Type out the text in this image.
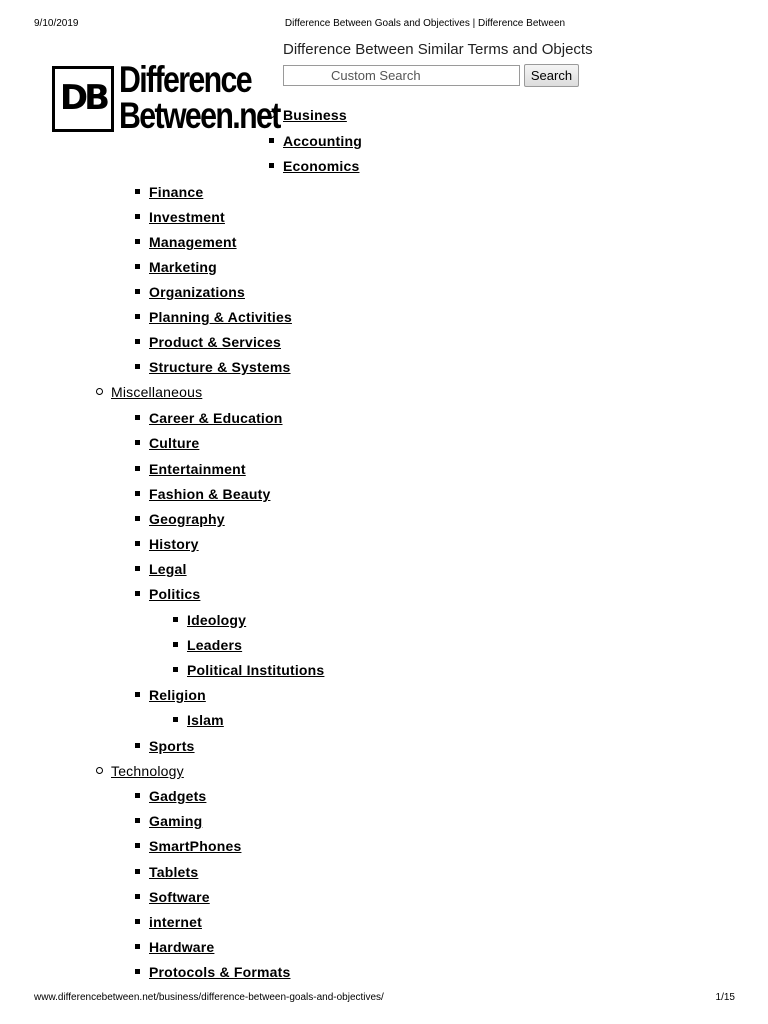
9/10/2019	Difference Between Goals and Objectives | Difference Between
DB Difference
Between.net
Difference Between Similar Terms and Objects
Custom Search
Search
Business
Accounting
Economics
Finance
Investment
Management
Marketing
Organizations
Planning & Activities
Product & Services
Structure & Systems
Miscellaneous
Career & Education
Culture
Entertainment
Fashion & Beauty
Geography
History
Legal
Politics
Ideology
Leaders
Political Institutions
Religion
Islam
Sports
Technology
Gadgets
Gaming
SmartPhones
Tablets
Software
internet
Hardware
Protocols & Formats
www.differencebetween.net/business/difference-between-goals-and-objectives/	1/15
